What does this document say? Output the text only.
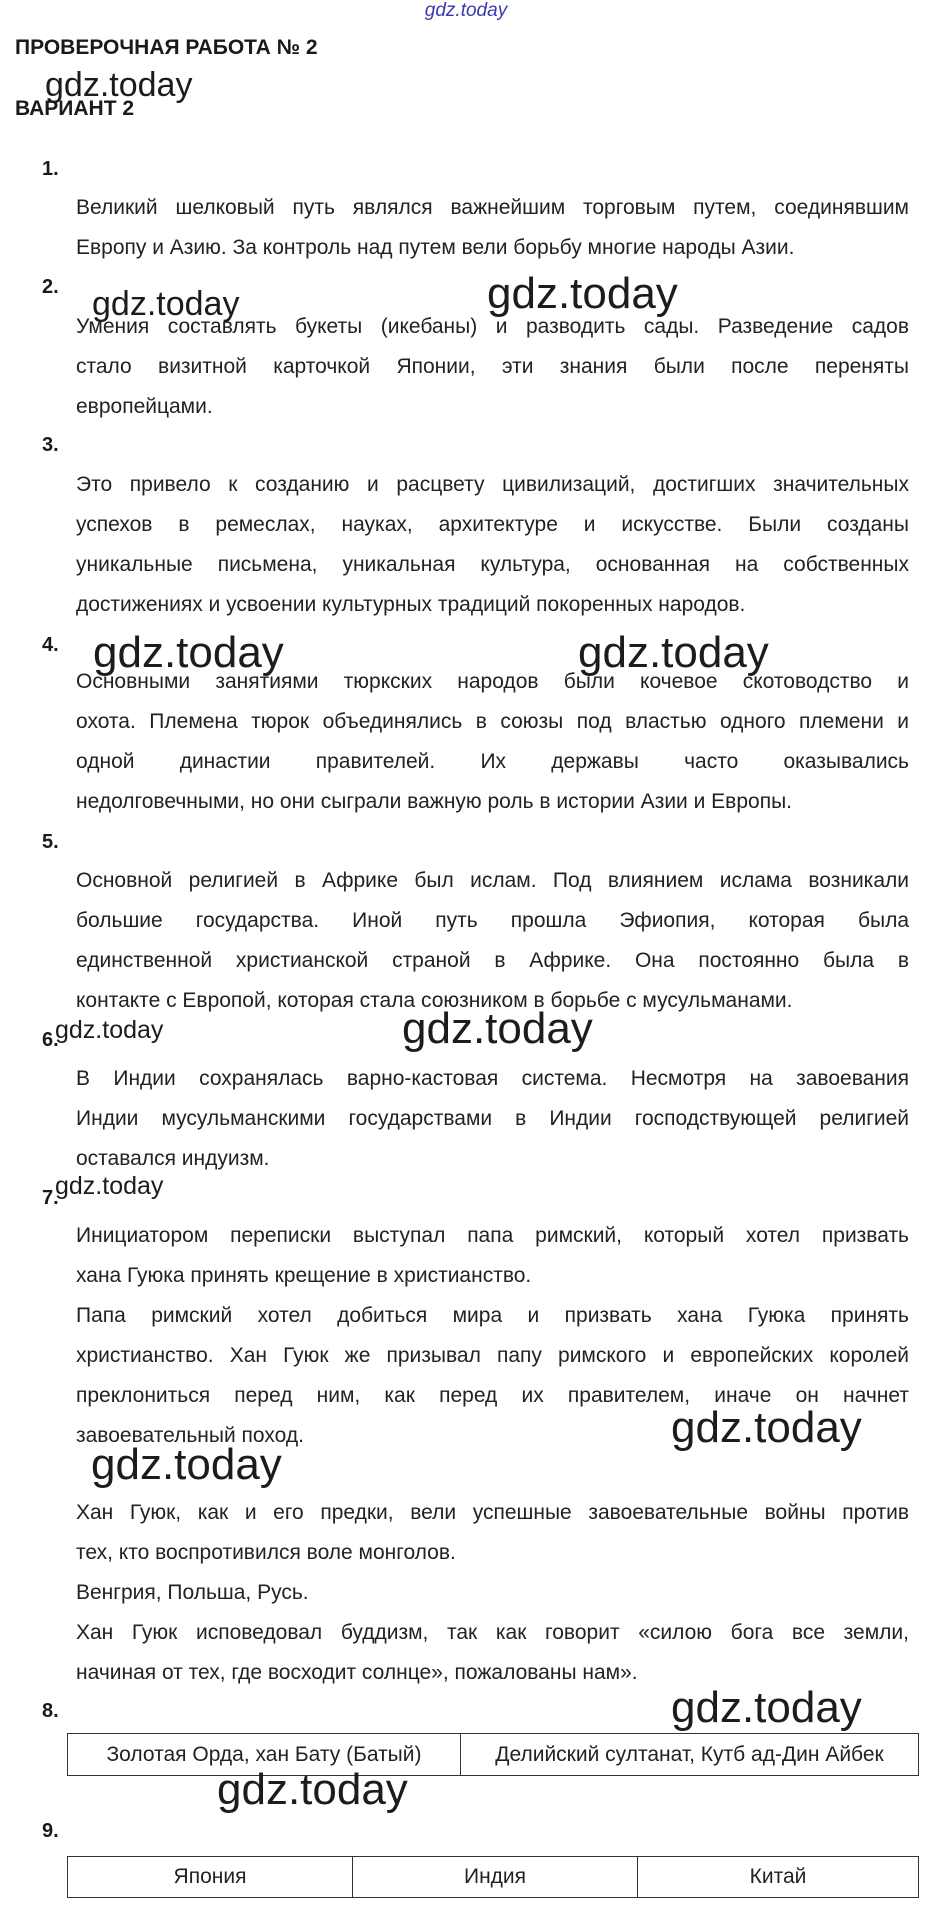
gdz.today
ПРОВЕРОЧНАЯ РАБОТА № 2
ВАРИАНТ 2
1.
Великий шелковый путь являлся важнейшим торговым путем, соединявшим
Европу и Азию. За контроль над путем вели борьбу многие народы Азии.
2.
Умения составлять букеты (икебаны) и разводить сады. Разведение садов
стало визитной карточкой Японии, эти знания были после переняты
европейцами.
3.
Это привело к созданию и расцвету цивилизаций, достигших значительных
успехов в ремеслах, науках, архитектуре и искусстве. Были созданы
уникальные письмена, уникальная культура, основанная на собственных
достижениях и усвоении культурных традиций покоренных народов.
4.
Основными занятиями тюркских народов были кочевое скотоводство и
охота. Племена тюрок объединялись в союзы под властью одного племени и
одной династии правителей. Их державы часто оказывались
недолговечными, но они сыграли важную роль в истории Азии и Европы.
5.
Основной религией в Африке был ислам. Под влиянием ислама возникали
большие государства. Иной путь прошла Эфиопия, которая была
единственной христианской страной в Африке. Она постоянно была в
контакте с Европой, которая стала союзником в борьбе с мусульманами.
6.
В Индии сохранялась варно-кастовая система. Несмотря на завоевания
Индии мусульманскими государствами в Индии господствующей религией
оставался индуизм.
7.
Инициатором переписки выступал папа римский, который хотел призвать
хана Гуюка принять крещение в христианство.
Папа римский хотел добиться мира и призвать хана Гуюка принять
христианство. Хан Гуюк же призывал папу римского и европейских королей
преклониться перед ним, как перед их правителем, иначе он начнет
завоевательный поход.
Хан Гуюк, как и его предки, вели успешные завоевательные войны против
тех, кто воспротивился воле монголов.
Венгрия, Польша, Русь.
Хан Гуюк исповедовал буддизм, так как говорит «силою бога все земли,
начиная от тех, где восходит солнце», пожалованы нам».
8.
Золотая Орда, хан Бату (Батый)	Делийский султанат, Кутб ад-Дин Айбек
9.
Япония	Индия	Китай
gdz.today
gdz.today	gdz.today
gdz.today	gdz.today
gdz.today	gdz.today
gdz.today
gdz.today
gdz.today
gdz.today
gdz.today
